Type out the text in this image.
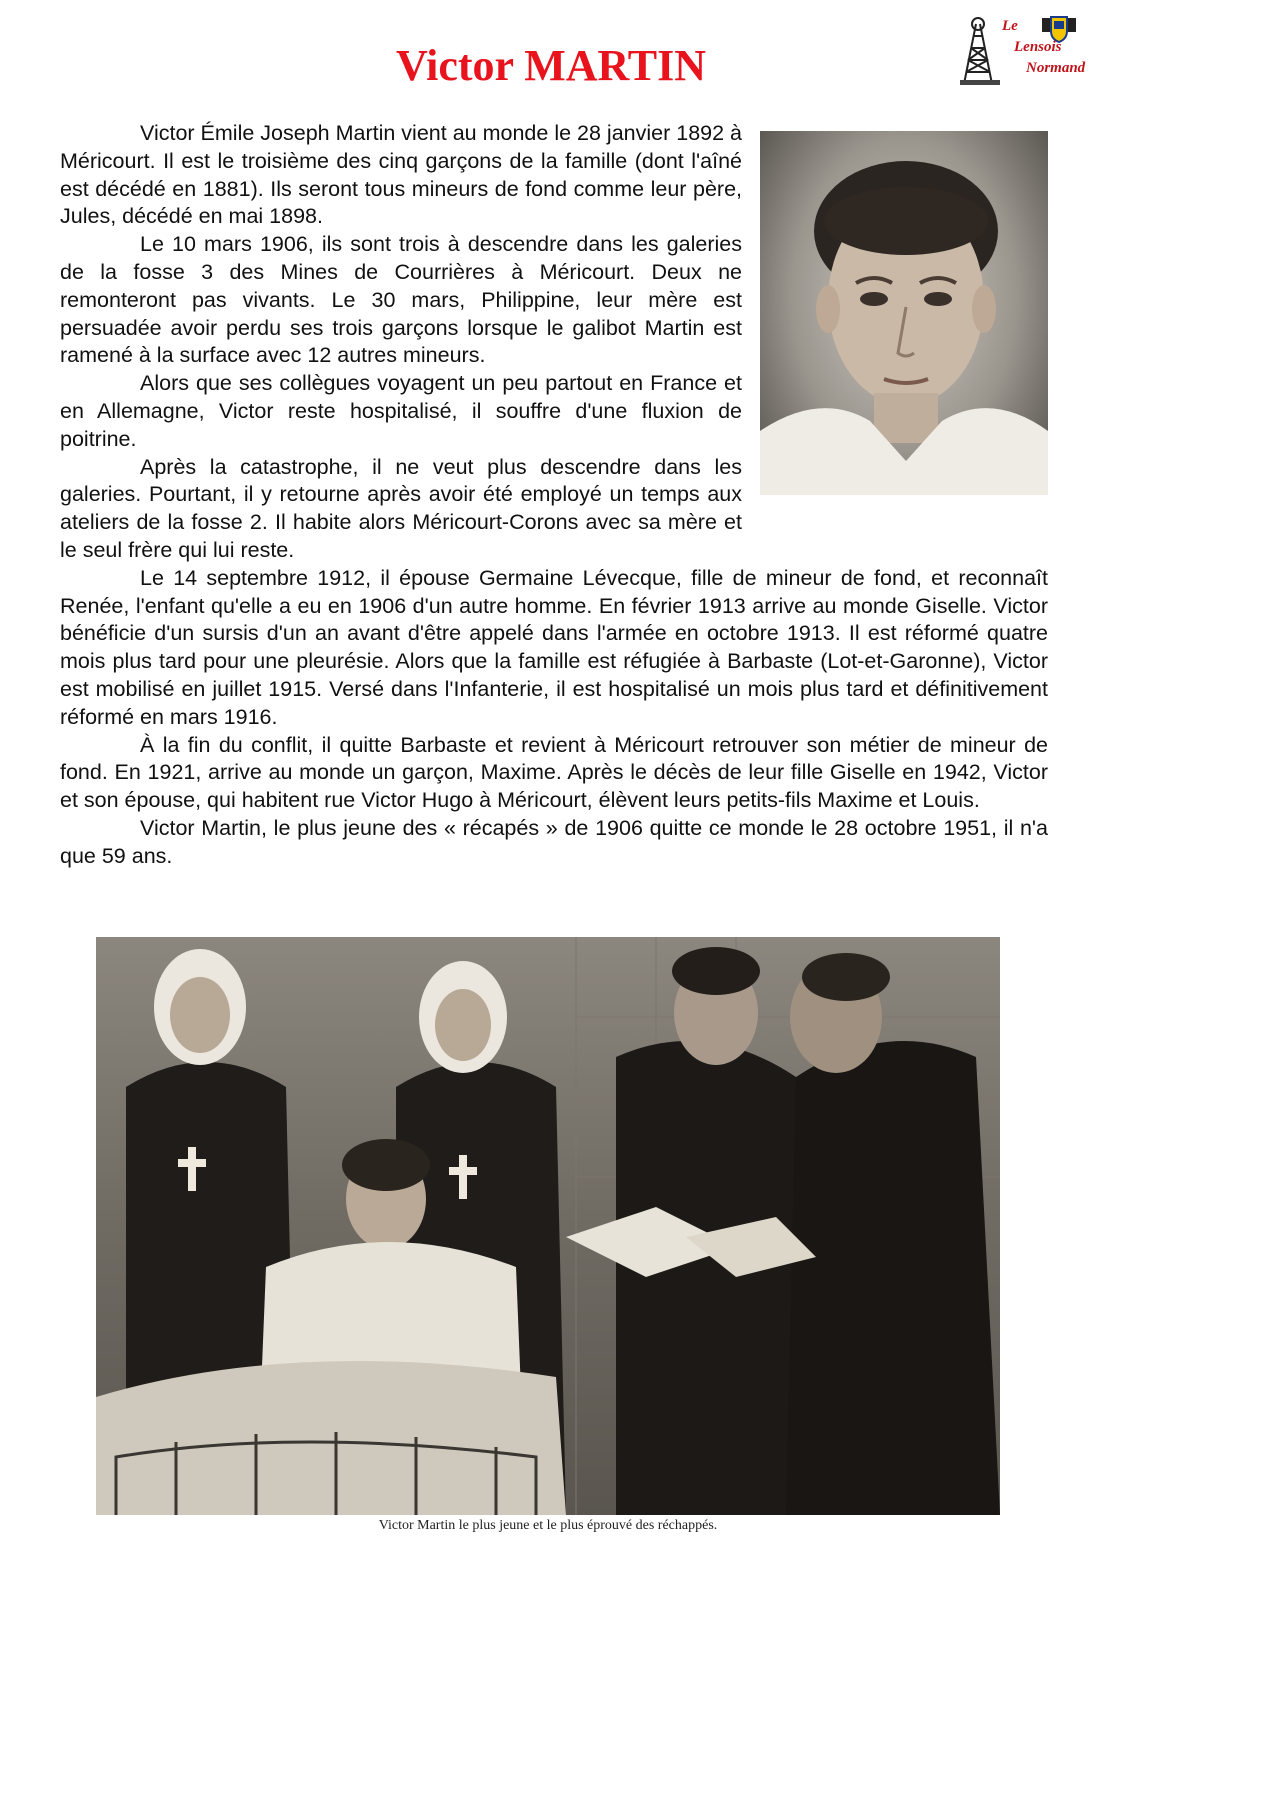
Victor MARTIN
Le
Lensois
Normand

Victor Émile Joseph Martin vient au monde le 28 janvier 1892 à Méricourt. Il est le troisième des cinq garçons de la famille (dont l'aîné est décédé en 1881). Ils seront tous mineurs de fond comme leur père, Jules, décédé en mai 1898.

Le 10 mars 1906, ils sont trois à descendre dans les galeries de la fosse 3 des Mines de Courrières à Méricourt. Deux ne remonteront pas vivants. Le 30 mars, Philippine, leur mère est persuadée avoir perdu ses trois garçons lorsque le galibot Martin est ramené à la surface avec 12 autres mineurs.

Alors que ses collègues voyagent un peu partout en France et en Allemagne, Victor reste hospitalisé, il souffre d'une fluxion de poitrine.

Après la catastrophe, il ne veut plus descendre dans les galeries. Pourtant, il y retourne après avoir été employé un temps aux ateliers de la fosse 2. Il habite alors Méricourt-Corons avec sa mère et le seul frère qui lui reste.

Le 14 septembre 1912, il épouse Germaine Lévecque, fille de mineur de fond, et reconnaît Renée, l'enfant qu'elle a eu en 1906 d'un autre homme. En février 1913 arrive au monde Giselle. Victor bénéficie d'un sursis d'un an avant d'être appelé dans l'armée en octobre 1913. Il est réformé quatre mois plus tard pour une pleurésie. Alors que la famille est réfugiée à Barbaste (Lot-et-Garonne), Victor est mobilisé en juillet 1915. Versé dans l'Infanterie, il est hospitalisé un mois plus tard et définitivement réformé en mars 1916.

À la fin du conflit, il quitte Barbaste et revient à Méricourt retrouver son métier de mineur de fond. En 1921, arrive au monde un garçon, Maxime. Après le décès de leur fille Giselle en 1942, Victor et son épouse, qui habitent rue Victor Hugo à Méricourt, élèvent leurs petits-fils Maxime et Louis.

Victor Martin, le plus jeune des « récapés » de 1906 quitte ce monde le 28 octobre 1951, il n'a que 59 ans.

Victor Martin le plus jeune et le plus éprouvé des réchappés.
